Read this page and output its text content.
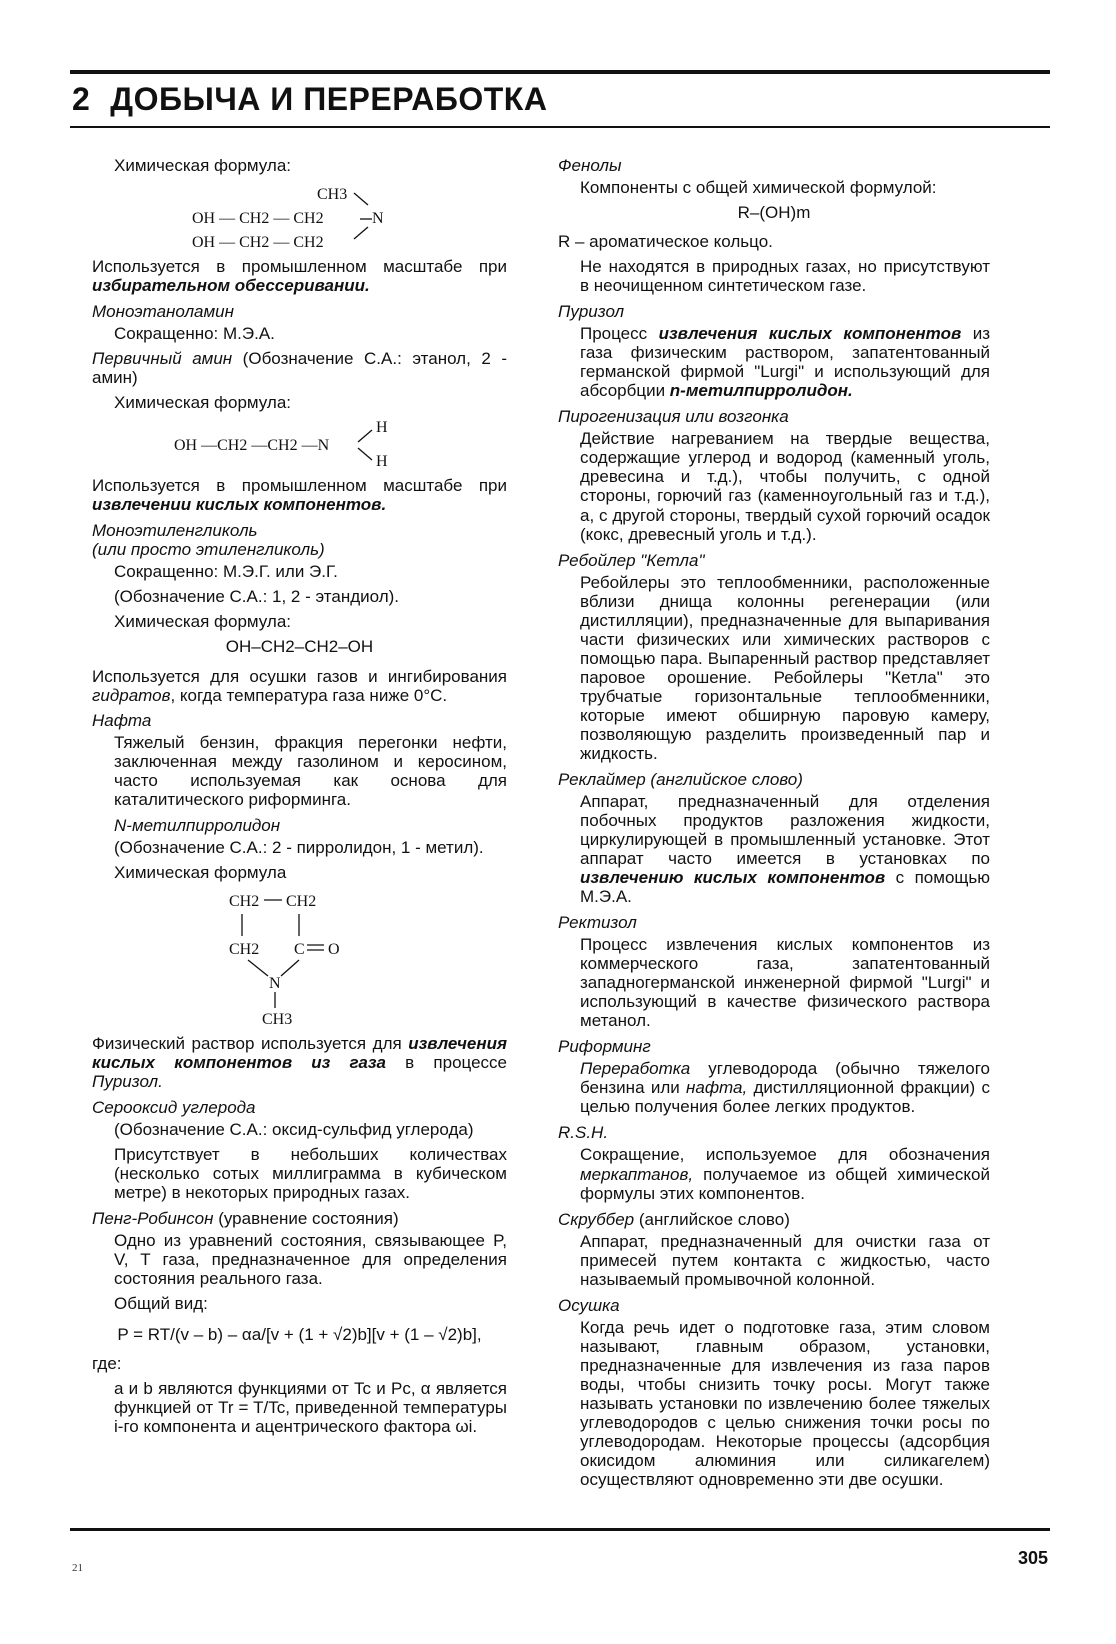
2 ДОБЫЧА И ПЕРЕРАБОТКА

Химическая формула:

CH3
OH — CH2 — CH2	N
OH — CH2 — CH2

Используется в промышленном масштабе при избирательном обессеривании.

Моноэтаноламин

Сокращенно: М.Э.А.

Первичный амин (Обозначение С.А.: этанол, 2 - амин)

Химическая формула:

OH —CH2 —CH2 —N
H
H

Используется в промышленном масштабе при извлечении кислых компонентов.

Моноэтиленгликоль
(или просто этиленгликоль)

Сокращенно: М.Э.Г. или Э.Г.

(Обозначение С.А.: 1, 2 - этандиол).

Химическая формула:

OH–CH2–CH2–OH

Используется для осушки газов и ингибирования гидратов, когда температура газа ниже 0°С.

Нафта

Тяжелый бензин, фракция перегонки нефти, заключенная между газолином и керосином, часто используемая как основа для каталитического риформинга.

N-метилпирролидон

(Обозначение С.А.: 2 - пирролидон, 1 - метил).

Химическая формула

CH2 CH2
CH2 C O
N
CH3

Физический раствор используется для извлечения кислых компонентов из газа в процессе Пуризол.

Серооксид углерода

(Обозначение С.А.: оксид-сульфид углерода)

Присутствует в небольших количествах (несколько сотых миллиграмма в кубическом метре) в некоторых природных газах.

Пенг-Робинсон (уравнение состояния)

Одно из уравнений состояния, связывающее P, V, T газа, предназначенное для определения состояния реального газа.

Общий вид:

P = RT/(v – b) – αa/[v + (1 + √2)b][v + (1 – √2)b],

где:

a и b являются функциями от Tc и Pc, α является функцией от Tr = T/Tc, приведенной температуры i-го компонента и ацентрического фактора ωi.

Фенолы

Компоненты с общей химической формулой:

R–(OH)m

R – ароматическое кольцо.

Не находятся в природных газах, но присутствуют в неочищенном синтетическом газе.

Пуризол

Процесс извлечения кислых компонентов из газа физическим раствором, запатентованный германской фирмой "Lurgi" и использующий для абсорбции n-метилпирролидон.

Пирогенизация или возгонка

Действие нагреванием на твердые вещества, содержащие углерод и водород (каменный уголь, древесина и т.д.), чтобы получить, с одной стороны, горючий газ (каменноугольный газ и т.д.), а, с другой стороны, твердый сухой горючий осадок (кокс, древесный уголь и т.д.).

Ребойлер "Кетла"

Ребойлеры это теплообменники, расположенные вблизи днища колонны регенерации (или дистилляции), предназначенные для выпаривания части физических или химических растворов с помощью пара. Выпаренный раствор представляет паровое орошение. Ребойлеры "Кетла" это трубчатые горизонтальные теплообменники, которые имеют обширную паровую камеру, позволяющую разделить произведенный пар и жидкость.

Реклаймер (английское слово)

Аппарат, предназначенный для отделения побочных продуктов разложения жидкости, циркулирующей в промышленный установке. Этот аппарат часто имеется в установках по извлечению кислых компонентов с помощью М.Э.А.

Ректизол

Процесс извлечения кислых компонентов из коммерческого газа, запатентованный западногерманской инженерной фирмой "Lurgi" и использующий в качестве физического раствора метанол.

Риформинг

Переработка углеводорода (обычно тяжелого бензина или нафта, дистилляционной фракции) с целью получения более легких продуктов.

R.S.H.

Сокращение, используемое для обозначения меркаптанов, получаемое из общей химической формулы этих компонентов.

Скруббер (английское слово)

Аппарат, предназначенный для очистки газа от примесей путем контакта с жидкостью, часто называемый промывочной колонной.

Осушка

Когда речь идет о подготовке газа, этим словом называют, главным образом, установки, предназначенные для извлечения из газа паров воды, чтобы снизить точку росы. Могут также называть установки по извлечению более тяжелых углеводородов с целью снижения точки росы по углеводородам. Некоторые процессы (адсорбция окисидом алюминия или силикагелем) осуществляют одновременно эти две осушки.

305
21
